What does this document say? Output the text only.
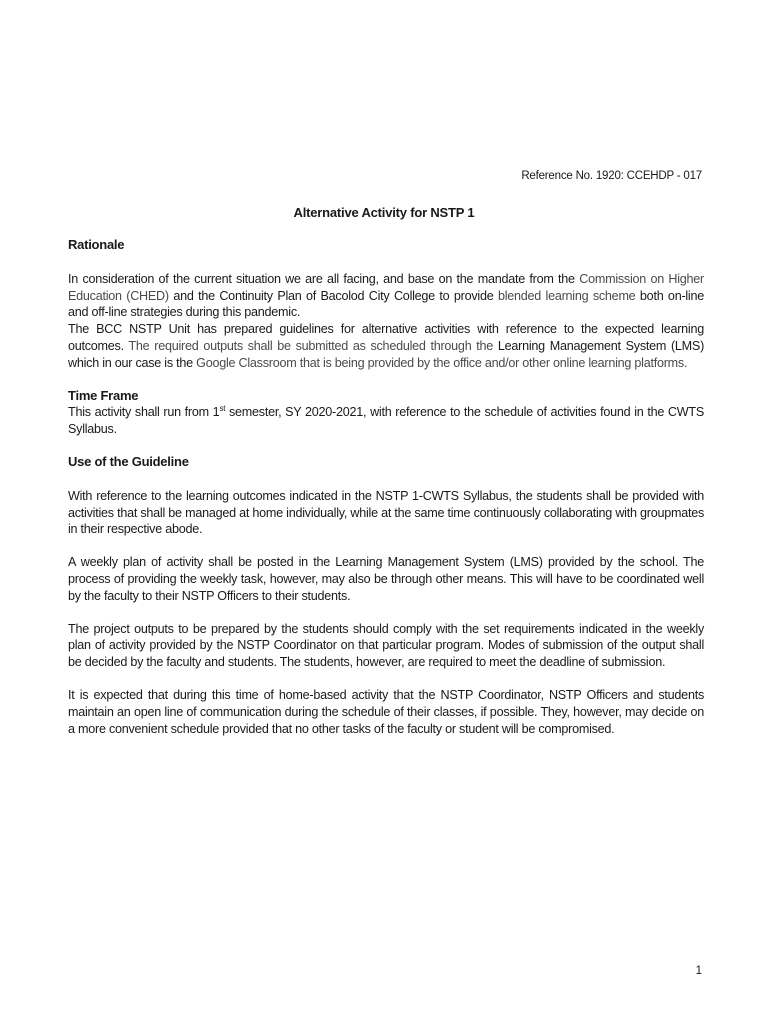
Reference No. 1920: CCEHDP - 017
Alternative Activity for NSTP 1
Rationale

In consideration of the current situation we are all facing, and base on the mandate from the Commission on Higher Education (CHED) and the Continuity Plan of Bacolod City College to provide blended learning scheme both on-line and off-line strategies during this pandemic.

The BCC NSTP Unit has prepared guidelines for alternative activities with reference to the expected learning outcomes. The required outputs shall be submitted as scheduled through the Learning Management System (LMS) which in our case is the Google Classroom that is being provided by the office and/or other online learning platforms.

Time Frame

This activity shall run from 1st semester, SY 2020-2021, with reference to the schedule of activities found in the CWTS Syllabus.

Use of the Guideline

With reference to the learning outcomes indicated in the NSTP 1-CWTS Syllabus, the students shall be provided with activities that shall be managed at home individually, while at the same time continuously collaborating with groupmates in their respective abode.

A weekly plan of activity shall be posted in the Learning Management System (LMS) provided by the school. The process of providing the weekly task, however, may also be through other means. This will have to be coordinated well by the faculty to their NSTP Officers to their students.

The project outputs to be prepared by the students should comply with the set requirements indicated in the weekly plan of activity provided by the NSTP Coordinator on that particular program. Modes of submission of the output shall be decided by the faculty and students. The students, however, are required to meet the deadline of submission.

It is expected that during this time of home-based activity that the NSTP Coordinator, NSTP Officers and students maintain an open line of communication during the schedule of their classes, if possible. They, however, may decide on a more convenient schedule provided that no other tasks of the faculty or student will be compromised.

1
